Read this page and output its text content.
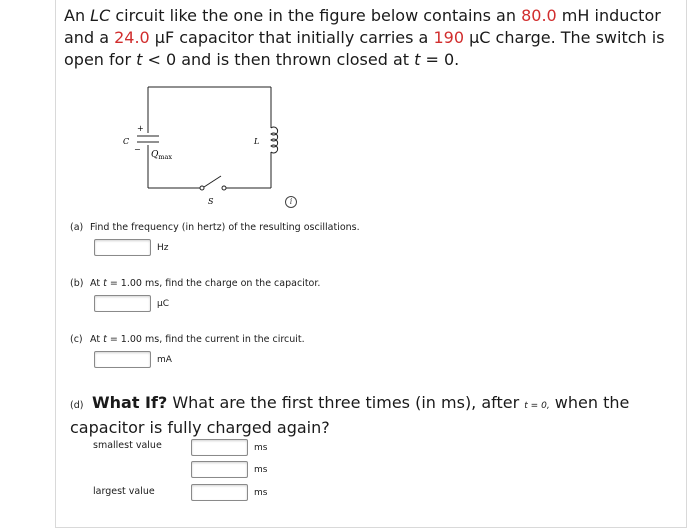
An LC circuit like the one in the figure below contains an 80.0 mH inductor and a 24.0 μF capacitor that initially carries a 190 μC charge. The switch is open for t < 0 and is then thrown closed at t = 0.
C
+
−
$Q_{max}$
L
S	i
(a) Find the frequency (in hertz) of the resulting oscillations.
Hz
(b) At t = 1.00 ms, find the charge on the capacitor.
μC
(c) At t = 1.00 ms, find the current in the circuit.
mA
(d) What If? What are the first three times (in ms), after t = 0, when the capacitor is fully charged again?
smallest value
largest value
ms
ms
ms
